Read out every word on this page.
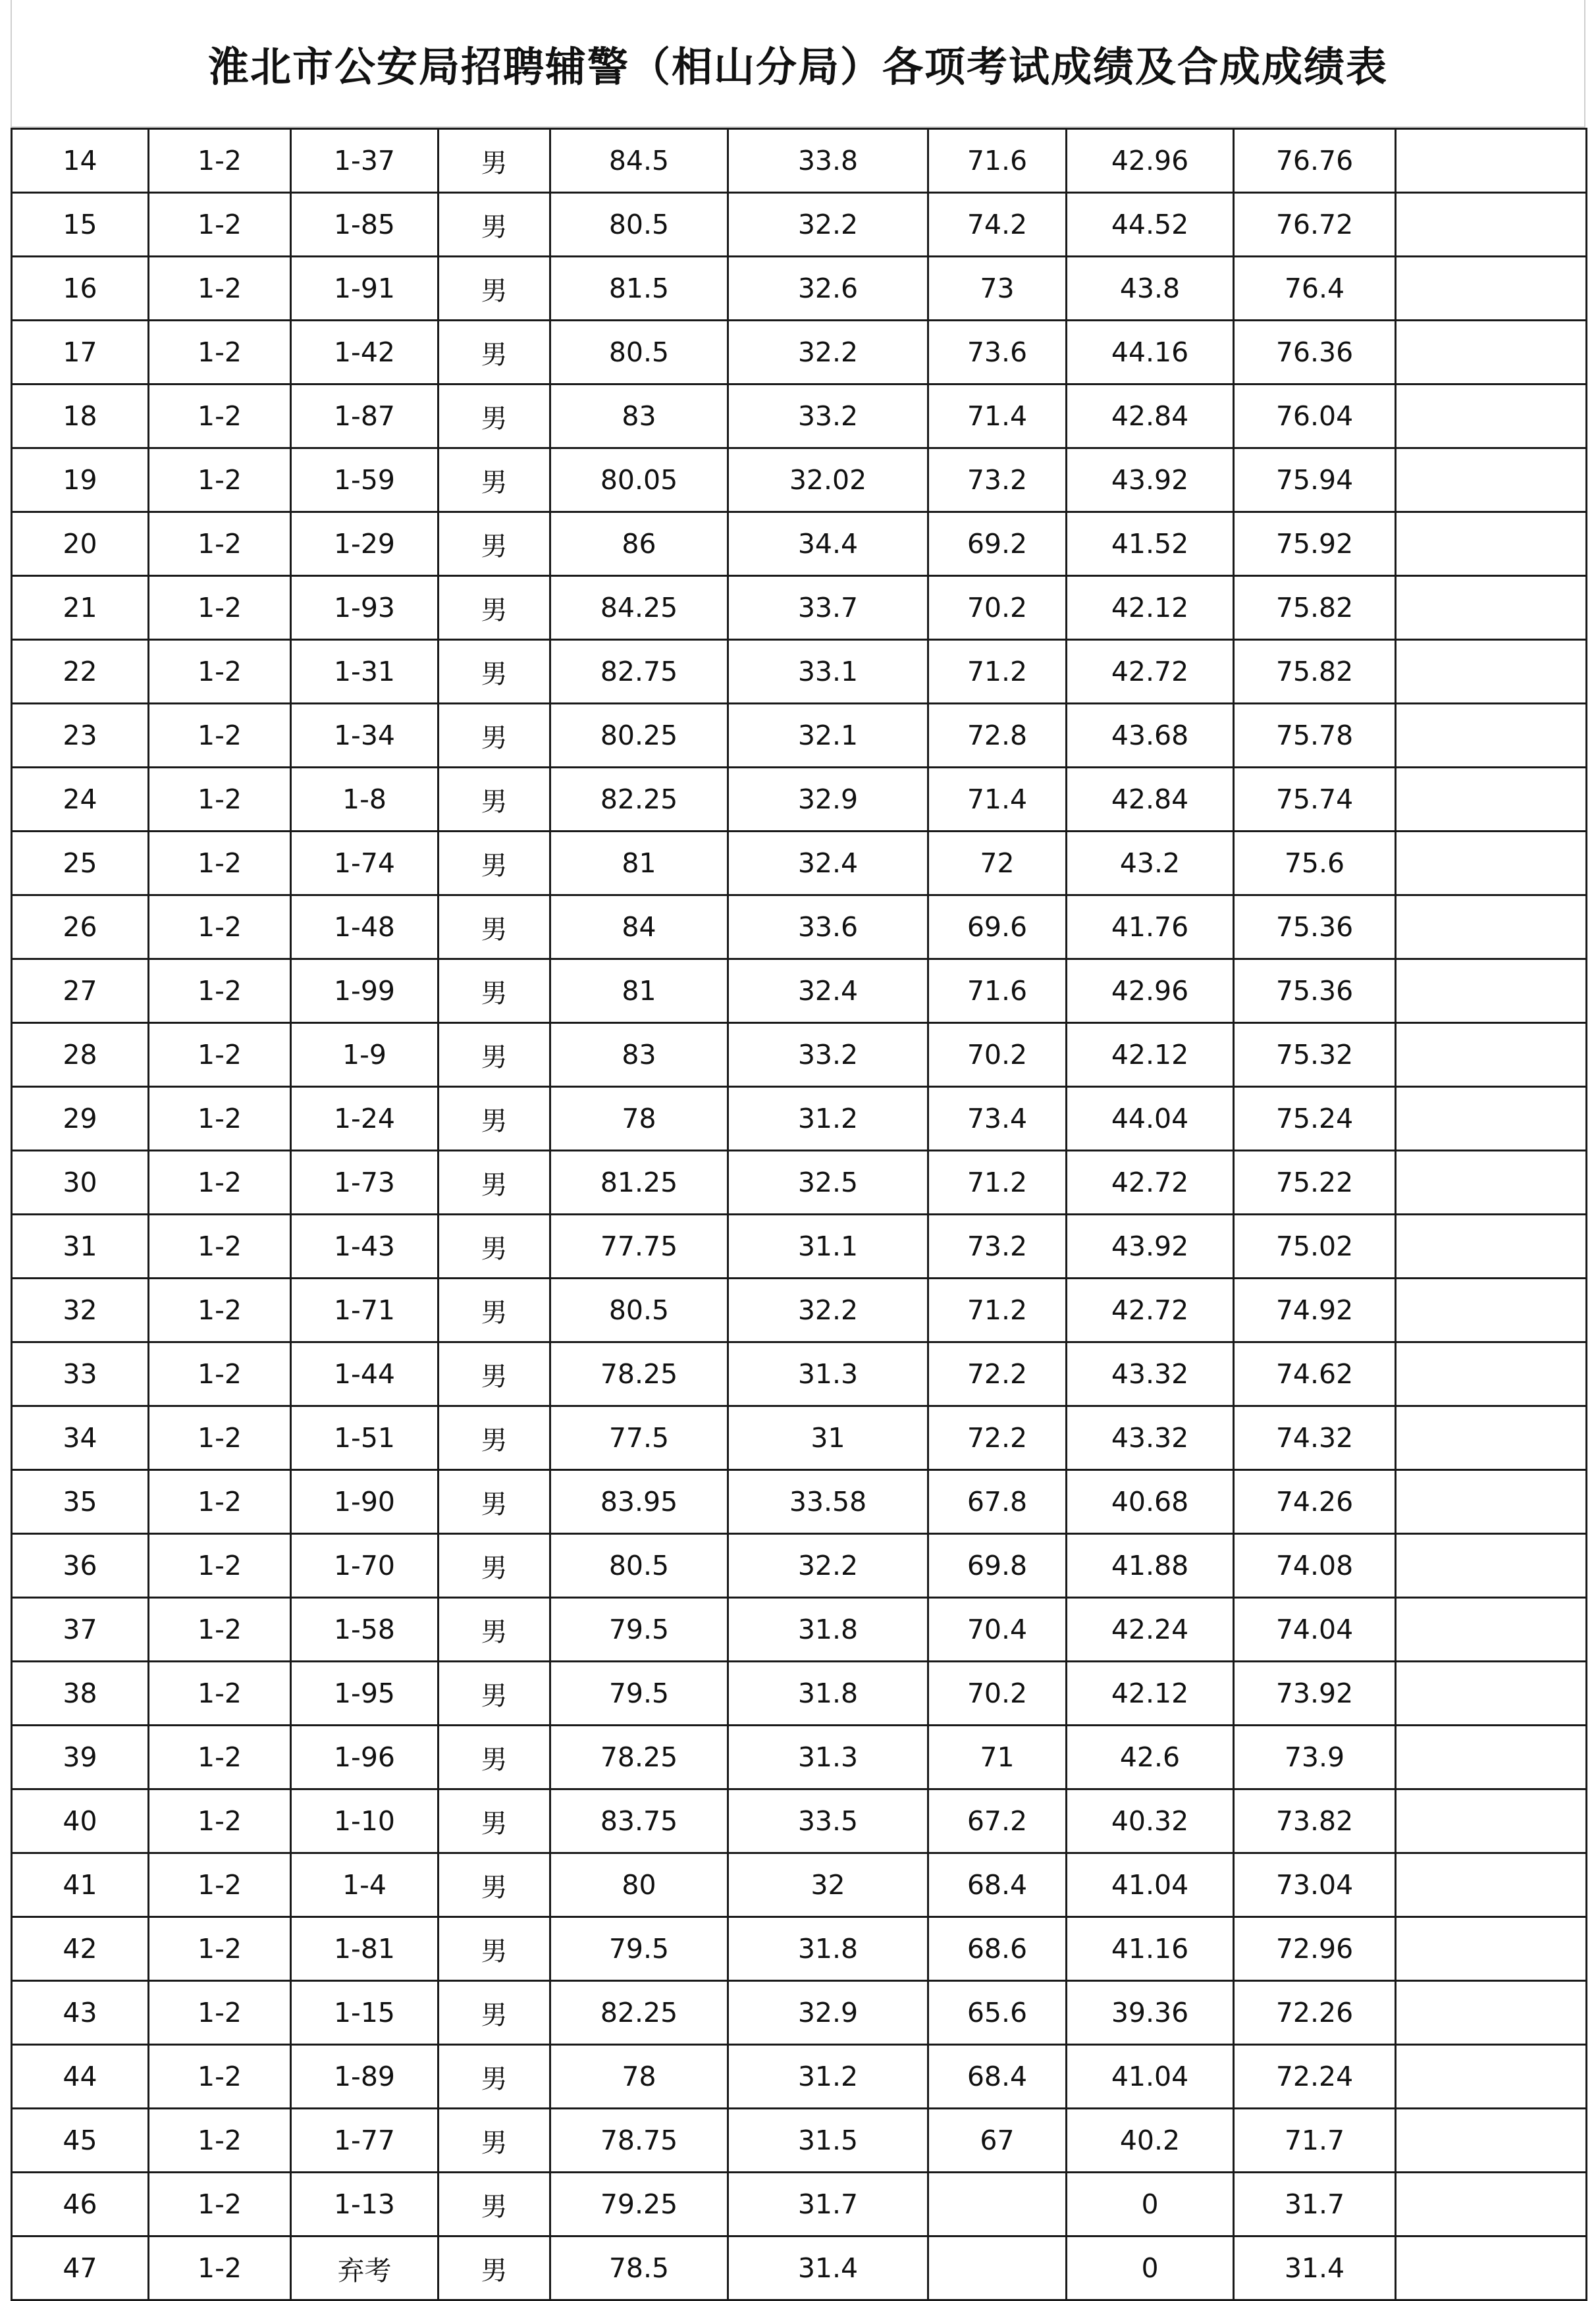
淮北市公安局招聘辅警（相山分局）各项考试成绩及合成成绩表
14	1-2	1-37	男	84.5	33.8	71.6	42.96	76.76	
15	1-2	1-85	男	80.5	32.2	74.2	44.52	76.72	
16	1-2	1-91	男	81.5	32.6	73	43.8	76.4	
17	1-2	1-42	男	80.5	32.2	73.6	44.16	76.36	
18	1-2	1-87	男	83	33.2	71.4	42.84	76.04	
19	1-2	1-59	男	80.05	32.02	73.2	43.92	75.94	
20	1-2	1-29	男	86	34.4	69.2	41.52	75.92	
21	1-2	1-93	男	84.25	33.7	70.2	42.12	75.82	
22	1-2	1-31	男	82.75	33.1	71.2	42.72	75.82	
23	1-2	1-34	男	80.25	32.1	72.8	43.68	75.78	
24	1-2	1-8	男	82.25	32.9	71.4	42.84	75.74	
25	1-2	1-74	男	81	32.4	72	43.2	75.6	
26	1-2	1-48	男	84	33.6	69.6	41.76	75.36	
27	1-2	1-99	男	81	32.4	71.6	42.96	75.36	
28	1-2	1-9	男	83	33.2	70.2	42.12	75.32	
29	1-2	1-24	男	78	31.2	73.4	44.04	75.24	
30	1-2	1-73	男	81.25	32.5	71.2	42.72	75.22	
31	1-2	1-43	男	77.75	31.1	73.2	43.92	75.02	
32	1-2	1-71	男	80.5	32.2	71.2	42.72	74.92	
33	1-2	1-44	男	78.25	31.3	72.2	43.32	74.62	
34	1-2	1-51	男	77.5	31	72.2	43.32	74.32	
35	1-2	1-90	男	83.95	33.58	67.8	40.68	74.26	
36	1-2	1-70	男	80.5	32.2	69.8	41.88	74.08	
37	1-2	1-58	男	79.5	31.8	70.4	42.24	74.04	
38	1-2	1-95	男	79.5	31.8	70.2	42.12	73.92	
39	1-2	1-96	男	78.25	31.3	71	42.6	73.9	
40	1-2	1-10	男	83.75	33.5	67.2	40.32	73.82	
41	1-2	1-4	男	80	32	68.4	41.04	73.04	
42	1-2	1-81	男	79.5	31.8	68.6	41.16	72.96	
43	1-2	1-15	男	82.25	32.9	65.6	39.36	72.26	
44	1-2	1-89	男	78	31.2	68.4	41.04	72.24	
45	1-2	1-77	男	78.75	31.5	67	40.2	71.7	
46	1-2	1-13	男	79.25	31.7		0	31.7	
47	1-2	弃考	男	78.5	31.4		0	31.4	
